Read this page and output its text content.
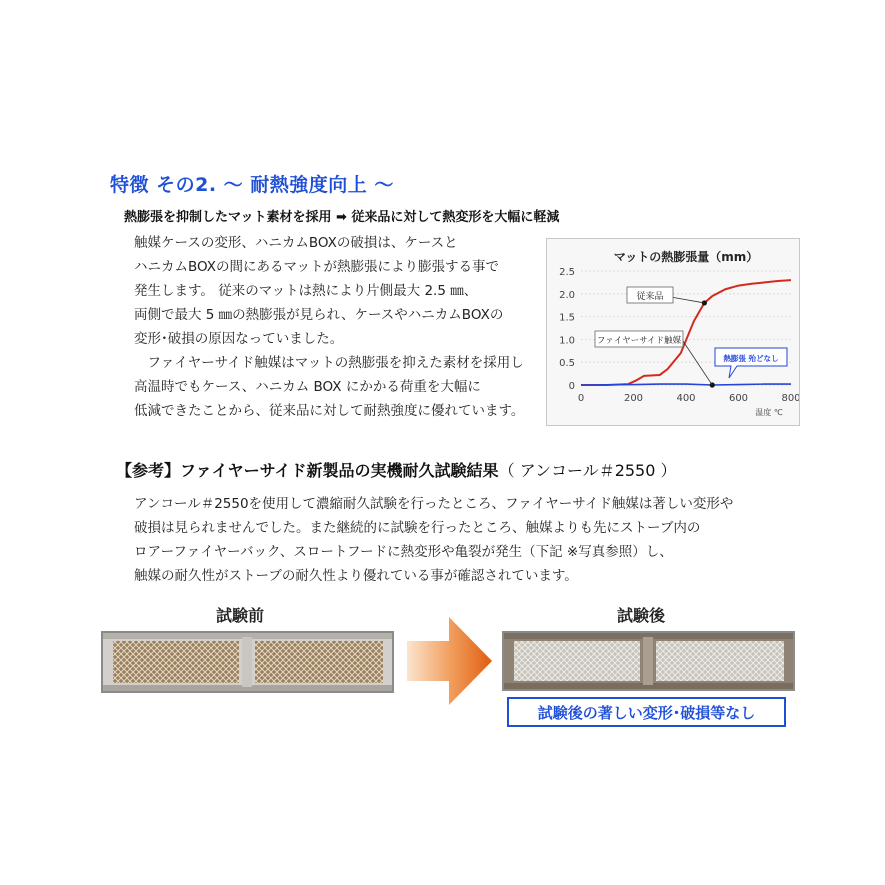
特徴 その2. ～ 耐熱強度向上 ～
熱膨張を抑制したマット素材を採用 ➡ 従来品に対して熱変形を大幅に軽減
触媒ケースの変形、ハニカムBOXの破損は、ケースと
ハニカムBOXの間にあるマットが熱膨張により膨張する事で
発生します。 従来のマットは熱により片側最大 2.5 ㎜、
両側で最大 5 ㎜の熱膨張が見られ、ケースやハニカムBOXの
変形･破損の原因なっていました。
　ファイヤーサイド触媒はマットの熱膨張を抑えた素材を採用し
高温時でもケース、ハニカム BOX にかかる荷重を大幅に
低減できたことから、従来品に対して耐熱強度に優れています。
マットの熱膨張量（mm）
0
0.5
1.0
1.5
2.0
2.5
0	200	400	600	800
温度 ℃
従来品
ファイヤーサイド触媒
熱膨張 殆どなし
【参考】ファイヤーサイド新製品の実機耐久試験結果（ アンコール＃2550 ）
アンコール＃2550を使用して濃縮耐久試験を行ったところ、ファイヤーサイド触媒は著しい変形や
破損は見られませんでした。また継続的に試験を行ったところ、触媒よりも先にストーブ内の
ロアーファイヤーバック、スロートフードに熱変形や亀裂が発生（下記 ※写真参照）し、
触媒の耐久性がストーブの耐久性より優れている事が確認されています。
試験前	試験後
試験後の著しい変形･破損等なし
